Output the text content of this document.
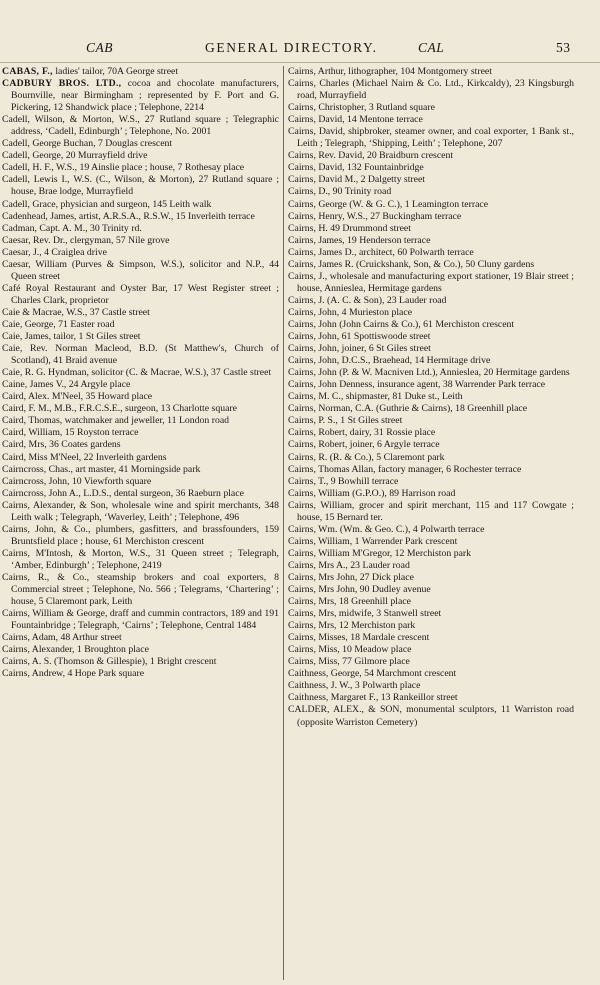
CAB	GENERAL DIRECTORY.	CAL	53

CABAS, F., ladies' tailor, 70A George street

CADBURY BROS. LTD., cocoa and chocolate manufacturers, Bournville, near Birmingham ; represented by F. Port and G. Pickering, 12 Shandwick place ; Telephone, 2214

Cadell, Wilson, & Morton, W.S., 27 Rutland square ; Telegraphic address, ‘Cadell, Edinburgh’ ; Telephone, No. 2001

Cadell, George Buchan, 7 Douglas crescent

Cadell, George, 20 Murrayfield drive

Cadell, H. F., W.S., 19 Ainslie place ; house, 7 Rothesay place

Cadell, Lewis I., W.S. (C., Wilson, & Morton), 27 Rutland square ; house, Brae lodge, Murrayfield

Cadell, Grace, physician and surgeon, 145 Leith walk

Cadenhead, James, artist, A.R.S.A., R.S.W., 15 Inverleith terrace

Cadman, Capt. A. M., 30 Trinity rd.

Caesar, Rev. Dr., clergyman, 57 Nile grove

Caesar, J., 4 Craiglea drive

Caesar, William (Purves & Simpson, W.S.), solicitor and N.P., 44 Queen street

Café Royal Restaurant and Oyster Bar, 17 West Register street ; Charles Clark, proprietor

Caie & Macrae, W.S., 37 Castle street

Caie, George, 71 Easter road

Caie, James, tailor, 1 St Giles street

Caie, Rev. Norman Macleod, B.D. (St Matthew's, Church of Scotland), 41 Braid avenue

Caie, R. G. Hyndman, solicitor (C. & Macrae, W.S.), 37 Castle street

Caine, James V., 24 Argyle place

Caird, Alex. M'Neel, 35 Howard place

Caird, F. M., M.B., F.R.C.S.E., surgeon, 13 Charlotte square

Caird, Thomas, watchmaker and jeweller, 11 London road

Caird, William, 15 Royston terrace

Caird, Mrs, 36 Coates gardens

Caird, Miss M'Neel, 22 Inverleith gardens

Cairncross, Chas., art master, 41 Morningside park

Cairncross, John, 10 Viewforth square

Cairncross, John A., L.D.S., dental surgeon, 36 Raeburn place

Cairns, Alexander, & Son, wholesale wine and spirit merchants, 348 Leith walk ; Telegraph, ‘Waverley, Leith’ ; Telephone, 496

Cairns, John, & Co., plumbers, gasfitters, and brassfounders, 159 Bruntsfield place ; house, 61 Merchiston crescent

Cairns, M'Intosh, & Morton, W.S., 31 Queen street ; Telegraph, ‘Amber, Edinburgh’ ; Telephone, 2419

Cairns, R., & Co., steamship brokers and coal exporters, 8 Commercial street ; Telephone, No. 566 ; Telegrams, ‘Chartering’ ; house, 5 Claremont park, Leith

Cairns, William & George, draff and cummin contractors, 189 and 191 Fountainbridge ; Telegraph, ‘Cairns’ ; Telephone, Central 1484

Cairns, Adam, 48 Arthur street

Cairns, Alexander, 1 Broughton place

Cairns, A. S. (Thomson & Gillespie), 1 Bright crescent

Cairns, Andrew, 4 Hope Park square

Cairns, Arthur, lithographer, 104 Montgomery street

Cairns, Charles (Michael Nairn & Co. Ltd., Kirkcaldy), 23 Kingsburgh road, Murrayfield

Cairns, Christopher, 3 Rutland square

Cairns, David, 14 Mentone terrace

Cairns, David, shipbroker, steamer owner, and coal exporter, 1 Bank st., Leith ; Telegraph, ‘Shipping, Leith’ ; Telephone, 207

Cairns, Rev. David, 20 Braidburn crescent

Cairns, David, 132 Fountainbridge

Cairns, David M., 2 Dalgetty street

Cairns, D., 90 Trinity road

Cairns, George (W. & G. C.), 1 Leamington terrace

Cairns, Henry, W.S., 27 Buckingham terrace

Cairns, H. 49 Drummond street

Cairns, James, 19 Henderson terrace

Cairns, James D., architect, 60 Polwarth terrace

Cairns, James R. (Cruickshank, Son, & Co.), 50 Cluny gardens

Cairns, J., wholesale and manufacturing export stationer, 19 Blair street ; house, Annieslea, Hermitage gardens

Cairns, J. (A. C. & Son), 23 Lauder road

Cairns, John, 4 Murieston place

Cairns, John (John Cairns & Co.), 61 Merchiston crescent

Cairns, John, 61 Spottiswoode street

Cairns, John, joiner, 6 St Giles street

Cairns, John, D.C.S., Braehead, 14 Hermitage drive

Cairns, John (P. & W. Macniven Ltd.), Annieslea, 20 Hermitage gardens

Cairns, John Denness, insurance agent, 38 Warrender Park terrace

Cairns, M. C., shipmaster, 81 Duke st., Leith

Cairns, Norman, C.A. (Guthrie & Cairns), 18 Greenhill place

Cairns, P. S., 1 St Giles street

Cairns, Robert, dairy, 31 Rossie place

Cairns, Robert, joiner, 6 Argyle terrace

Cairns, R. (R. & Co.), 5 Claremont park

Cairns, Thomas Allan, factory manager, 6 Rochester terrace

Cairns, T., 9 Bowhill terrace

Cairns, William (G.P.O.), 89 Harrison road

Cairns, William, grocer and spirit merchant, 115 and 117 Cowgate ; house, 15 Bernard ter.

Cairns, Wm. (Wm. & Geo. C.), 4 Polwarth terrace

Cairns, William, 1 Warrender Park crescent

Cairns, William M'Gregor, 12 Merchiston park

Cairns, Mrs A., 23 Lauder road

Cairns, Mrs John, 27 Dick place

Cairns, Mrs John, 90 Dudley avenue

Cairns, Mrs, 18 Greenhill place

Cairns, Mrs, midwife, 3 Stanwell street

Cairns, Mrs, 12 Merchiston park

Cairns, Misses, 18 Mardale crescent

Cairns, Miss, 10 Meadow place

Cairns, Miss, 77 Gilmore place

Caithness, George, 54 Marchmont crescent

Caithness, J. W., 3 Polwarth place

Caithness, Margaret F., 13 Rankeillor street

CALDER, ALEX., & SON, monumental sculptors, 11 Warriston road (opposite Warriston Cemetery)
